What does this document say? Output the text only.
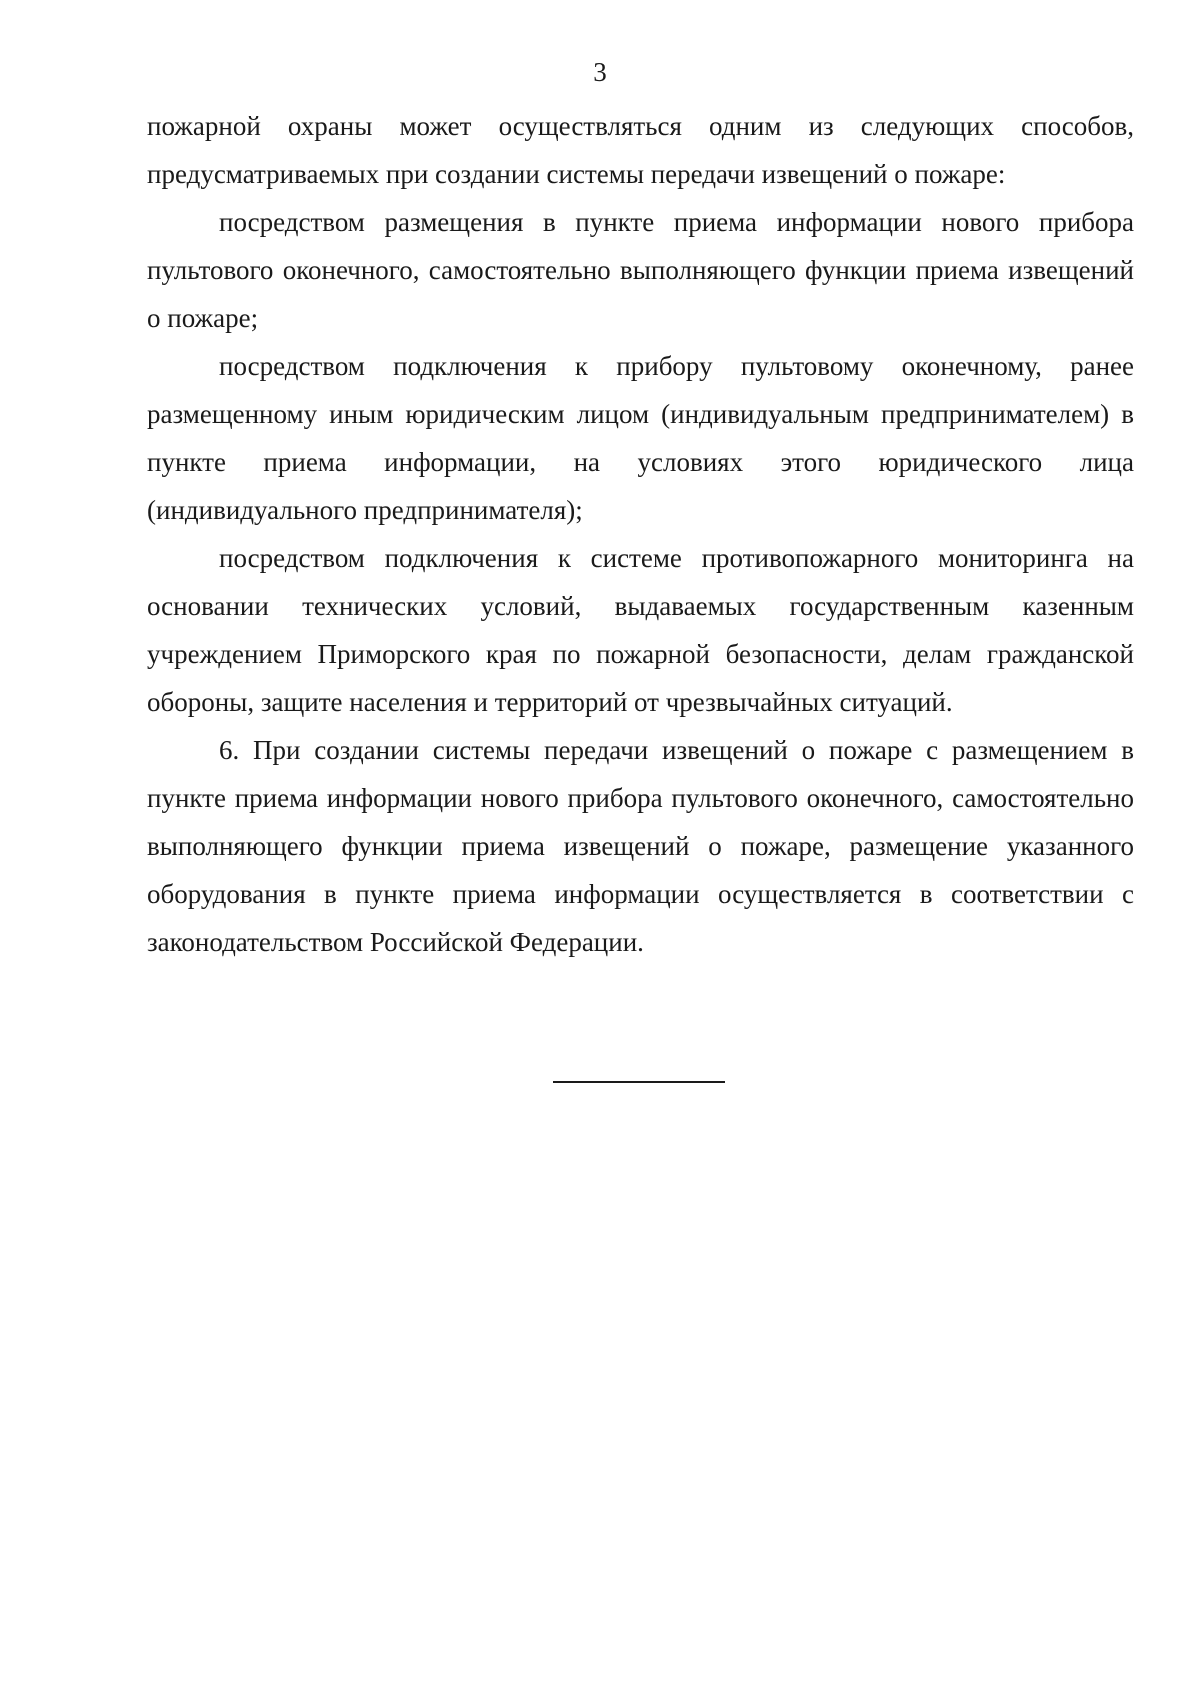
3

пожарной охраны может осуществляться одним из следующих способов, предусматриваемых при создании системы передачи извещений о пожаре:

посредством размещения в пункте приема информации нового прибора пультового оконечного, самостоятельно выполняющего функции приема извещений о пожаре;

посредством подключения к прибору пультовому оконечному, ранее размещенному иным юридическим лицом (индивидуальным предпринимателем) в пункте приема информации, на условиях этого юридического лица (индивидуального предпринимателя);

посредством подключения к системе противопожарного мониторинга на основании технических условий, выдаваемых государственным казенным учреждением Приморского края по пожарной безопасности, делам гражданской обороны, защите населения и территорий от чрезвычайных ситуаций.

6. При создании системы передачи извещений о пожаре с размещением в пункте приема информации нового прибора пультового оконечного, самостоятельно выполняющего функции приема извещений о пожаре, размещение указанного оборудования в пункте приема информации осуществляется в соответствии с законодательством Российской Федерации.
